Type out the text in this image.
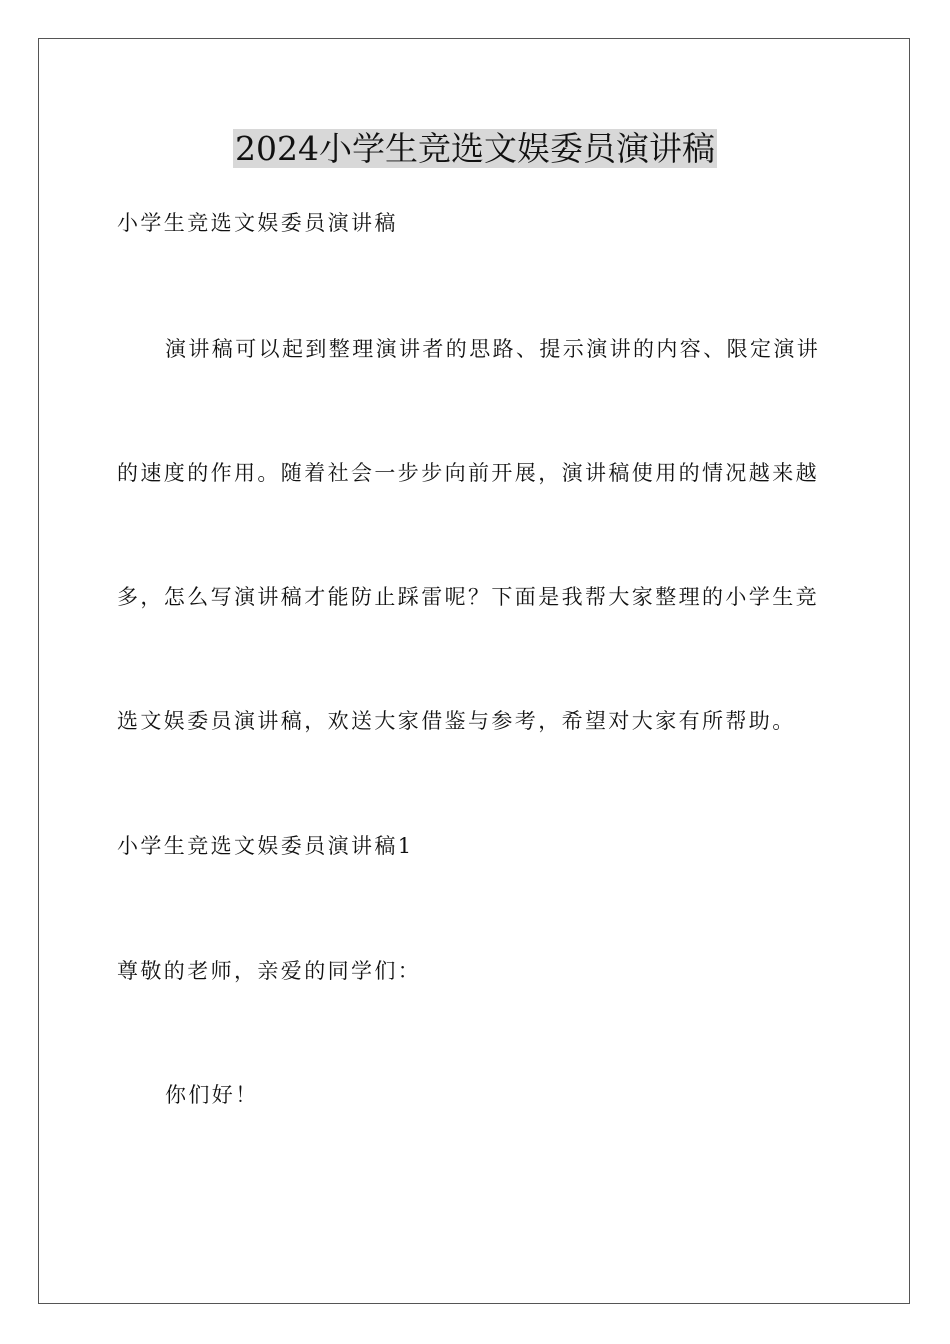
2024小学生竞选文娱委员演讲稿
小学生竞选文娱委员演讲稿
演讲稿可以起到整理演讲者的思路、提示演讲的内容、限定演讲
的速度的作用。随着社会一步步向前开展，演讲稿使用的情况越来越
多，怎么写演讲稿才能防止踩雷呢？下面是我帮大家整理的小学生竞
选文娱委员演讲稿，欢送大家借鉴与参考，希望对大家有所帮助。
小学生竞选文娱委员演讲稿1
尊敬的老师，亲爱的同学们：
你们好！
